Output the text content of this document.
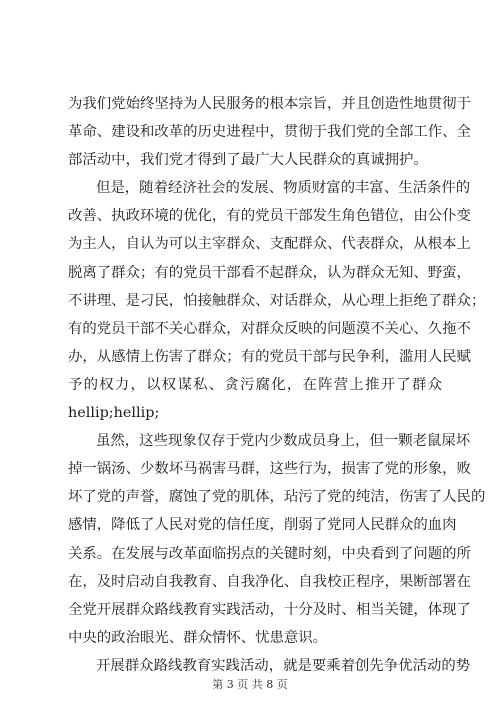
为我们党始终坚持为人民服务的根本宗旨，并且创造性地贯彻于
革命、建设和改革的历史进程中，贯彻于我们党的全部工作、全
部活动中，我们党才得到了最广大人民群众的真诚拥护。
但是，随着经济社会的发展、物质财富的丰富、生活条件的
改善、执政环境的优化，有的党员干部发生角色错位，由公仆变
为主人，自认为可以主宰群众、支配群众、代表群众，从根本上
脱离了群众；有的党员干部看不起群众，认为群众无知、野蛮，
不讲理、是刁民，怕接触群众、对话群众，从心理上拒绝了群众；
有的党员干部不关心群众，对群众反映的问题漠不关心、久拖不
办，从感情上伤害了群众；有的党员干部与民争利，滥用人民赋
予的权力，以权谋私、贪污腐化，在阵营上推开了群众
hellip;hellip;
虽然，这些现象仅存于党内少数成员身上，但一颗老鼠屎坏
掉一锅汤、少数坏马祸害马群，这些行为，损害了党的形象，败
坏了党的声誉，腐蚀了党的肌体，玷污了党的纯洁，伤害了人民的
感情，降低了人民对党的信任度，削弱了党同人民群众的血肉
关系。在发展与改革面临拐点的关键时刻，中央看到了问题的所
在，及时启动自我教育、自我净化、自我校正程序，果断部署在
全党开展群众路线教育实践活动，十分及时、相当关键，体现了
中央的政治眼光、群众情怀、忧患意识。
开展群众路线教育实践活动，就是要乘着创先争优活动的势
第 3 页 共 8 页
